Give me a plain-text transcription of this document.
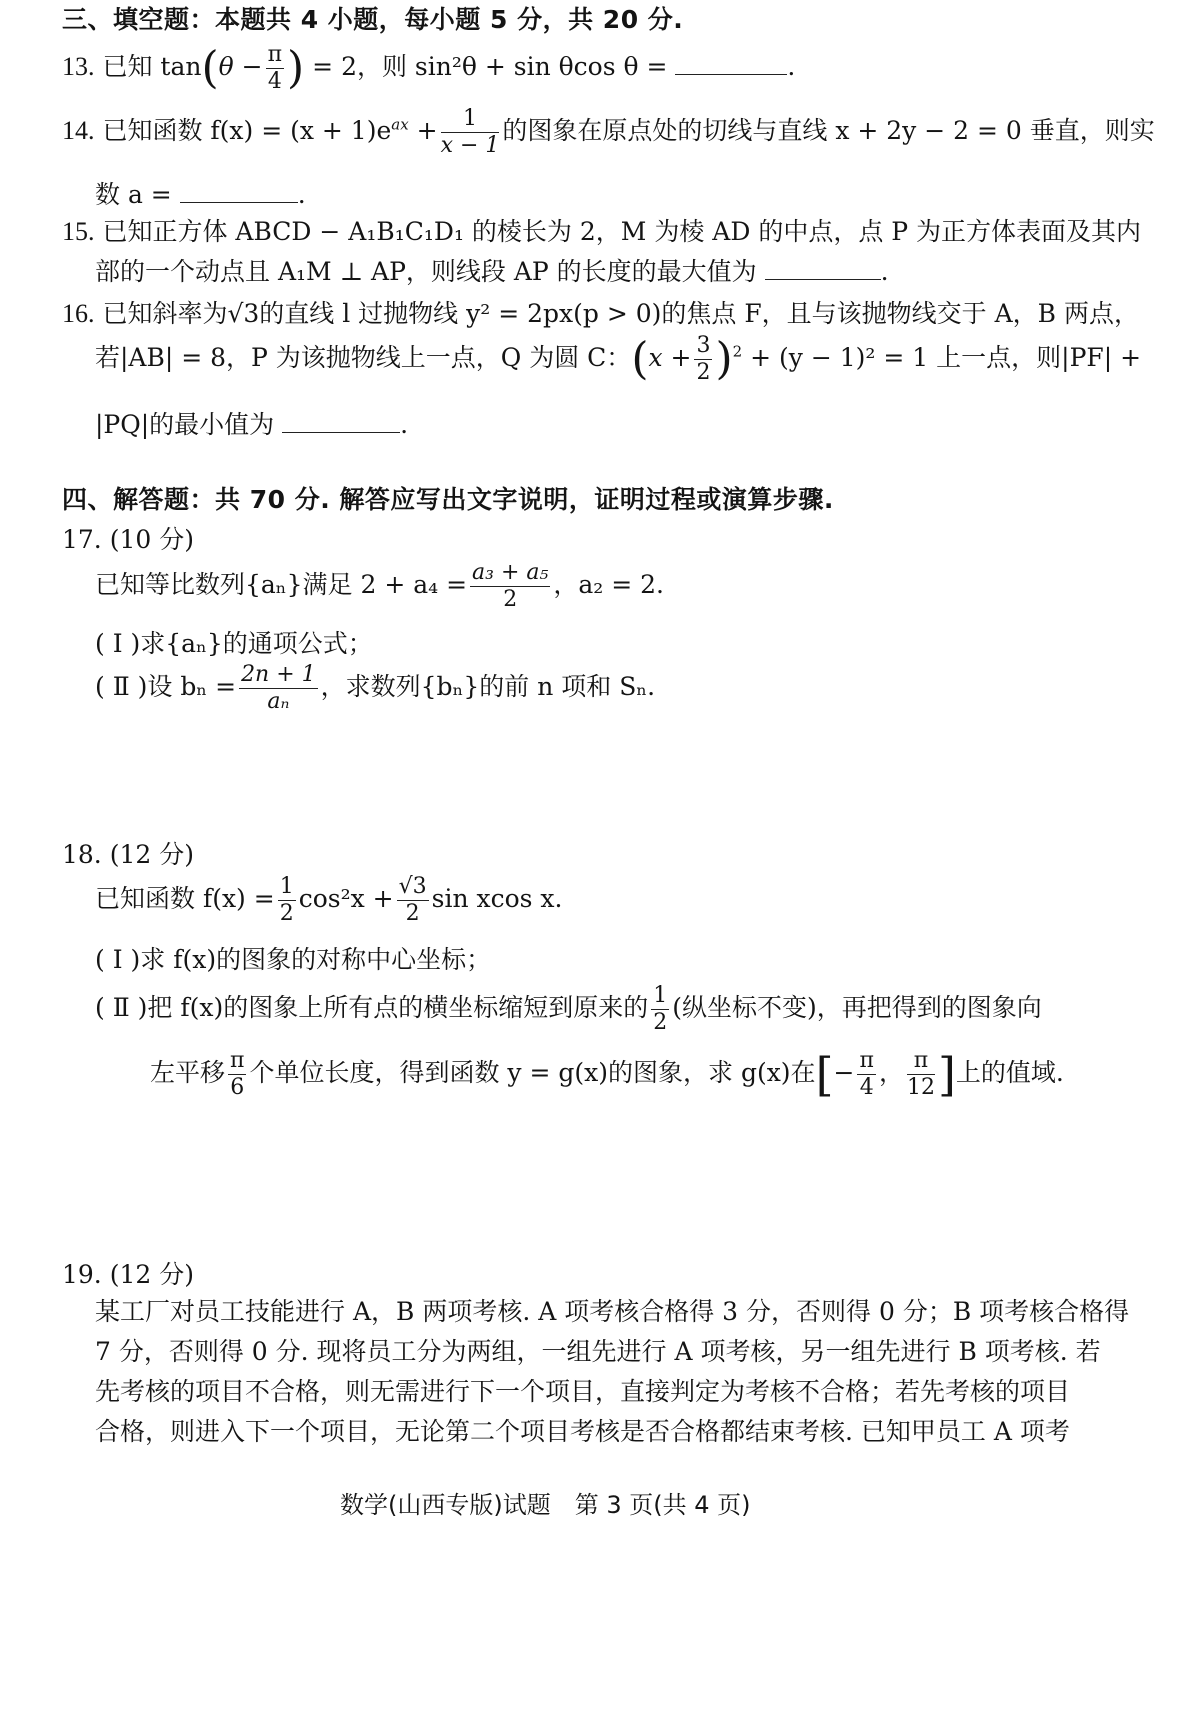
三、填空题：本题共 4 小题，每小题 5 分，共 20 分.
13. 已知 $\tan(\theta - \frac{\pi}{4}$ ) = 2，则 sin²θ + sin θcos θ =	.
14. 已知函数 $f(x) = (x + 1)e^{ax} + \frac{1}{x - 1}$ 的图象在原点处的切线与直线 x + 2y − 2 = 0 垂直，则实
数 a =	.
15. 已知正方体 ABCD − A₁B₁C₁D₁ 的棱长为 2，M 为棱 AD 的中点，点 P 为正方体表面及其内
部的一个动点且 A₁M ⊥ AP，则线段 AP 的长度的最大值为	.
16. 已知斜率为√3的直线 l 过抛物线 y² = 2px(p > 0)的焦点 F，且与该抛物线交于 A，B 两点，
若|AB| = 8，P 为该抛物线上一点，Q 为圆 C：$(x + \frac{3}{2} )^2 + (y - 1)^2 = 1$ 上一点，则|PF| +
|PQ|的最小值为	.
四、解答题：共 70 分. 解答应写出文字说明，证明过程或演算步骤.
17. (10 分)
已知等比数列{aₙ}满足 $2 + a_4 = \frac{\text{a₃ + a₅}}{2}$ ，a₂ = 2.
( Ⅰ )求{aₙ}的通项公式；
( Ⅱ )设 $b_n = \frac{2n + 1}{\text{aₙ}}$ ，求数列{bₙ}的前 n 项和 Sₙ.
18. (12 分)
已知函数 $f(x) = \frac{1}{2} \cos^2x + \frac{√3}{2}$ sin xcos x.
( Ⅰ )求 f(x)的图象的对称中心坐标；
( Ⅱ )把 f(x)的图象上所有点的横坐标缩短到原来的 $\frac{1}{2}$ (纵坐标不变)，再把得到的图象向
左平移 $\frac{\pi}{6}$ 个单位长度，得到函数 y = g(x)的图象，求 g(x)在[− $\frac{\pi}{4}$ ， $\frac{\pi}{12}$ ]上的值域.
19. (12 分)
某工厂对员工技能进行 A，B 两项考核. A 项考核合格得 3 分，否则得 0 分；B 项考核合格得
7 分，否则得 0 分. 现将员工分为两组，一组先进行 A 项考核，另一组先进行 B 项考核. 若
先考核的项目不合格，则无需进行下一个项目，直接判定为考核不合格；若先考核的项目
合格，则进入下一个项目，无论第二个项目考核是否合格都结束考核. 已知甲员工 A 项考
数学(山西专版)试题　第 3 页(共 4 页)
